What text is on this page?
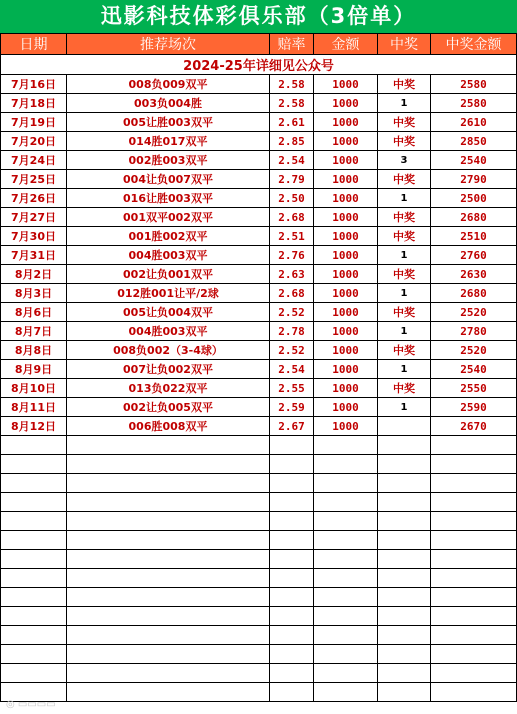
迅影科技体彩俱乐部（3倍单）
日期	推荐场次	赔率	金额	中奖	中奖金额
2024-25年详细见公众号					
7月16日	008负009双平	2.58	1000	中奖	2580
7月18日	003负004胜	2.58	1000	1	2580
7月19日	005让胜003双平	2.61	1000	中奖	2610
7月20日	014胜017双平	2.85	1000	中奖	2850
7月24日	002胜003双平	2.54	1000	3	2540
7月25日	004让负007双平	2.79	1000	中奖	2790
7月26日	016让胜003双平	2.50	1000	1	2500
7月27日	001双平002双平	2.68	1000	中奖	2680
7月30日	001胜002双平	2.51	1000	中奖	2510
7月31日	004胜003双平	2.76	1000	1	2760
8月2日	002让负001双平	2.63	1000	中奖	2630
8月3日	012胜001让平/2球	2.68	1000	1	2680
8月6日	005让负004双平	2.52	1000	中奖	2520
8月7日	004胜003双平	2.78	1000	1	2780
8月8日	008负002（3-4球）	2.52	1000	中奖	2520
8月9日	007让负002双平	2.54	1000	1	2540
8月10日	013负022双平	2.55	1000	中奖	2550
8月11日	002让负005双平	2.59	1000	1	2590
8月12日	006胜008双平	2.67	1000		2670

◎ ▭▭▭▭
